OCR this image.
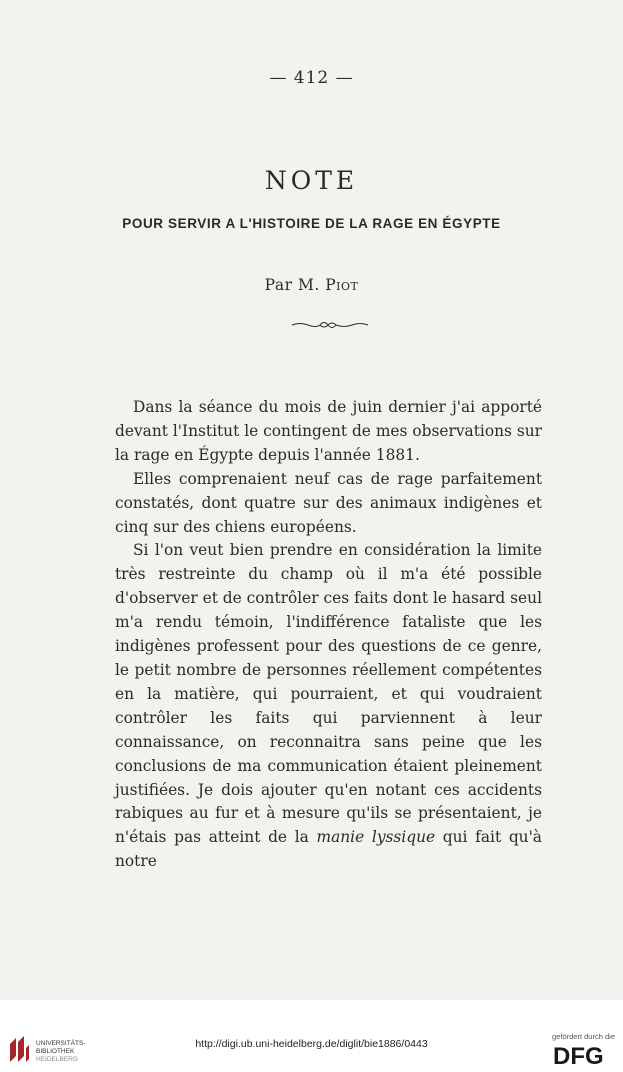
— 412 —
NOTE
POUR SERVIR A L'HISTOIRE DE LA RAGE EN ÉGYPTE
Par M. Piot

Dans la séance du mois de juin dernier j'ai apporté devant l'Institut le contingent de mes observations sur la rage en Égypte depuis l'année 1881.

Elles comprenaient neuf cas de rage parfaitement constatés, dont quatre sur des animaux indigènes et cinq sur des chiens européens.

Si l'on veut bien prendre en considération la limite très restreinte du champ où il m'a été possible d'observer et de contrôler ces faits dont le hasard seul m'a rendu témoin, l'indifférence fataliste que les indigènes professent pour des questions de ce genre, le petit nombre de personnes réellement compétentes en la matière, qui pourraient, et qui voudraient contrôler les faits qui parviennent à leur connaissance, on reconnaitra sans peine que les conclusions de ma communication étaient pleinement justifiées. Je dois ajouter qu'en notant ces accidents rabiques au fur et à mesure qu'ils se présentaient, je n'étais pas atteint de la manie lyssique qui fait qu'à notre

UNIVERSITÄTS-
BIBLIOTHEK
HEIDELBERG
http://digi.ub.uni-heidelberg.de/diglit/bie1886/0443
gefördert durch die
DFG
